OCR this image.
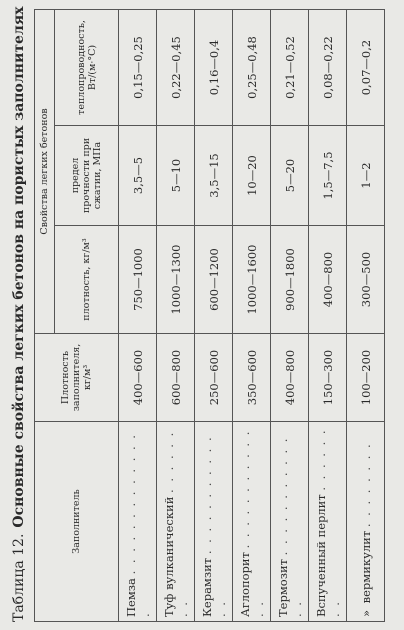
Таблица 12.Основные свойства легких бетонов на пористых заполнителях	Заполнитель	Плотность заполнителя, кг/м³	Свойства легких бетонов		
		плотность, кг/м³	предел прочности при сжатии, МПа	теплопроводность, Вт/(м·°С)
Пемза . . . . . . . . . . . . . .	400—600	750—1000	3,5—5	0,15—0,25
Туф вулканический . . . . . . . .	600—800	1000—1300	5—10	0,22—0,45
Керамзит . . . . . . . . . . . . .	250—600	600—1200	3,5—15	0,16—0,4
Аглопорит . . . . . . . . . . . . .	350—600	1000—1600	10—20	0,25—0,48
Термозит . . . . . . . . . . . . .	400—800	900—1800	5—20	0,21—0,52
Вспученный перлит . . . . . . . .	150—300	400—800	1,5—7,5	0,08—0,22
» вермикулит . . . . . . . .	100—200	300—500	1—2	0,07—0,2
